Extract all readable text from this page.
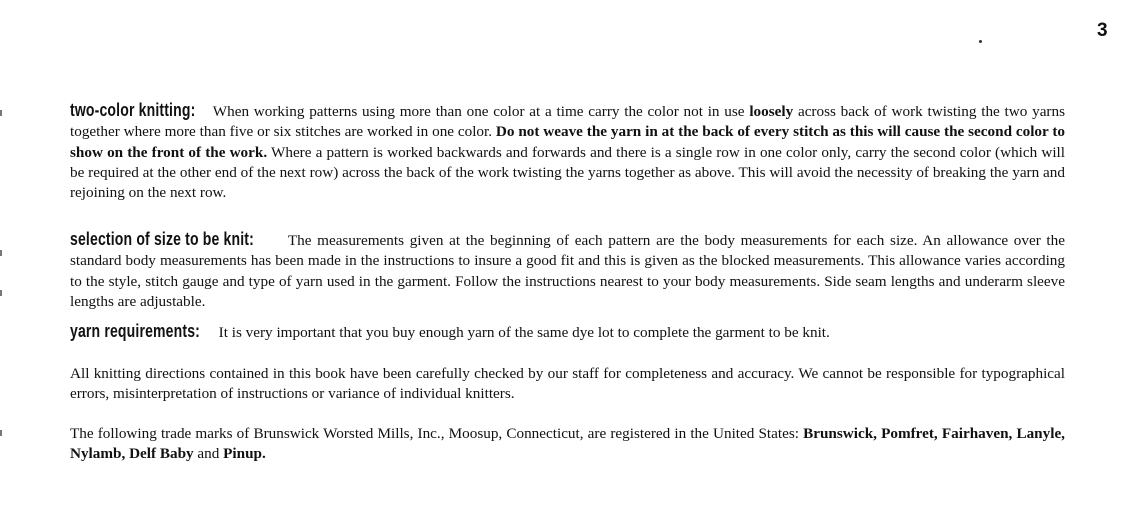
3

two-color knitting: When working patterns using more than one color at a time carry the color not in use loosely across back of work twisting the two yarns together where more than five or six stitches are worked in one color. Do not weave the yarn in at the back of every stitch as this will cause the second color to show on the front of the work. Where a pattern is worked backwards and forwards and there is a single row in one color only, carry the second color (which will be required at the other end of the next row) across the back of the work twisting the yarns together as above. This will avoid the necessity of breaking the yarn and rejoining on the next row.

selection of size to be knit: The measurements given at the beginning of each pattern are the body measurements for each size. An allowance over the standard body measurements has been made in the instructions to insure a good fit and this is given as the blocked measurements. This allowance varies according to the style, stitch gauge and type of yarn used in the garment. Follow the instructions nearest to your body measurements. Side seam lengths and underarm sleeve lengths are adjustable.

yarn requirements: It is very important that you buy enough yarn of the same dye lot to complete the garment to be knit.

All knitting directions contained in this book have been carefully checked by our staff for completeness and accuracy. We cannot be responsible for typographical errors, misinterpretation of instructions or variance of individual knitters.

The following trade marks of Brunswick Worsted Mills, Inc., Moosup, Connecticut, are registered in the United States: Brunswick, Pomfret, Fairhaven, Lanyle, Nylamb, Delf Baby and Pinup.
